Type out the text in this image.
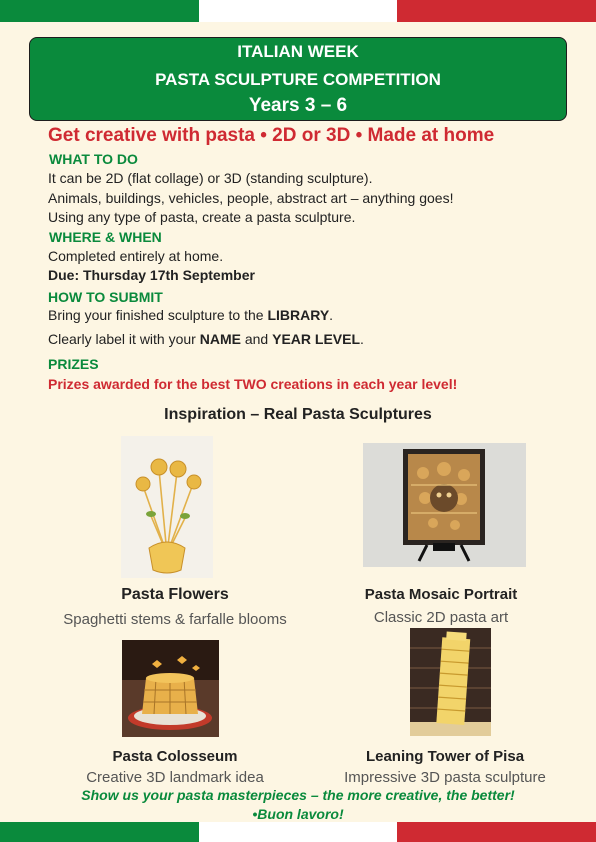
ITALIAN WEEK
PASTA SCULPTURE COMPETITION
Years 3 – 6
Get creative with pasta • 2D or 3D • Made at home
WHAT TO DO
It can be 2D (flat collage) or 3D (standing sculpture).
Animals, buildings, vehicles, people, abstract art – anything goes!
Using any type of pasta, create a pasta sculpture.
WHERE & WHEN
Completed entirely at home.
Due: Thursday 17th September
HOW TO SUBMIT
Bring your finished sculpture to the LIBRARY.
Clearly label it with your NAME and YEAR LEVEL.
PRIZES
Prizes awarded for the best TWO creations in each year level!
Inspiration – Real Pasta Sculptures
Pasta Flowers
Spaghetti stems & farfalle blooms
Pasta Mosaic Portrait
Classic 2D pasta art
Pasta Colosseum
Creative 3D landmark idea
Leaning Tower of Pisa
Impressive 3D pasta sculpture
Show us your pasta masterpieces – the more creative, the better!
•Buon lavoro!
